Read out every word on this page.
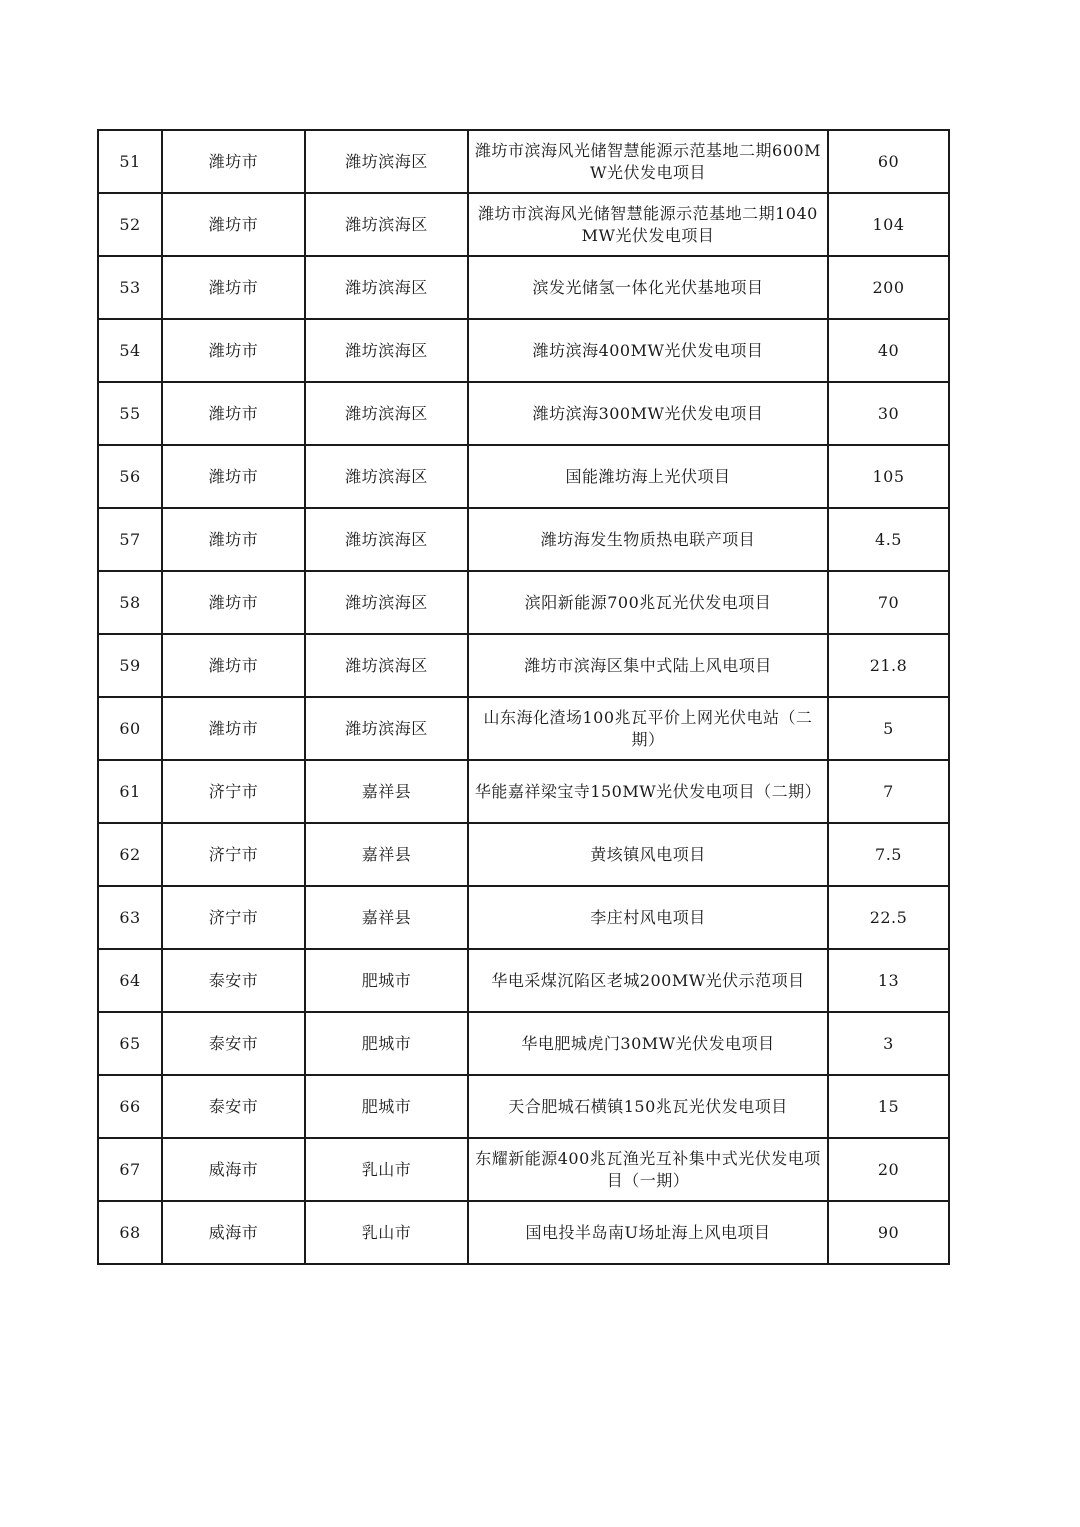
51	潍坊市	潍坊滨海区	潍坊市滨海风光储智慧能源示范基地二期600MW光伏发电项目	60
52	潍坊市	潍坊滨海区	潍坊市滨海风光储智慧能源示范基地二期1040MW光伏发电项目	104
53	潍坊市	潍坊滨海区	滨发光储氢一体化光伏基地项目	200
54	潍坊市	潍坊滨海区	潍坊滨海400MW光伏发电项目	40
55	潍坊市	潍坊滨海区	潍坊滨海300MW光伏发电项目	30
56	潍坊市	潍坊滨海区	国能潍坊海上光伏项目	105
57	潍坊市	潍坊滨海区	潍坊海发生物质热电联产项目	4.5
58	潍坊市	潍坊滨海区	滨阳新能源700兆瓦光伏发电项目	70
59	潍坊市	潍坊滨海区	潍坊市滨海区集中式陆上风电项目	21.8
60	潍坊市	潍坊滨海区	山东海化渣场100兆瓦平价上网光伏电站（二期）	5
61	济宁市	嘉祥县	华能嘉祥梁宝寺150MW光伏发电项目（二期）	7
62	济宁市	嘉祥县	黄垓镇风电项目	7.5
63	济宁市	嘉祥县	李庄村风电项目	22.5
64	泰安市	肥城市	华电采煤沉陷区老城200MW光伏示范项目	13
65	泰安市	肥城市	华电肥城虎门30MW光伏发电项目	3
66	泰安市	肥城市	天合肥城石横镇150兆瓦光伏发电项目	15
67	威海市	乳山市	东耀新能源400兆瓦渔光互补集中式光伏发电项目（一期）	20
68	威海市	乳山市	国电投半岛南U场址海上风电项目	90
